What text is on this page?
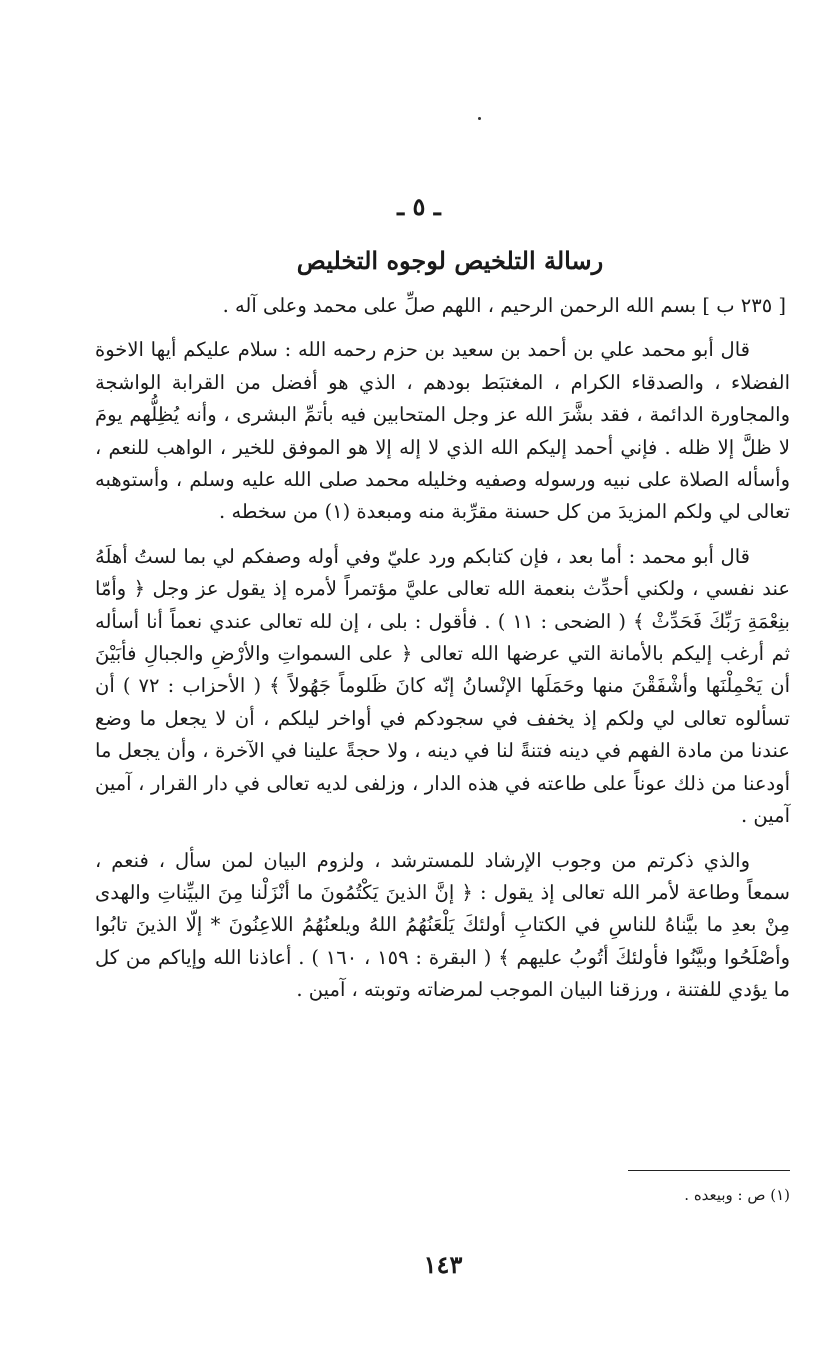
ـ ٥ ـ
رسالة التلخيص لوجوه التخليص

[ ٢٣٥ ب ] بسم الله الرحمن الرحيم ، اللهم صلِّ على محمد وعلى آله .

قال أبو محمد علي بن أحمد بن سعيد بن حزم رحمه الله : سلام عليكم أيها الاخوة الفضلاء ، والصدقاء الكرام ، المغتبَط بودهم ، الذي هو أفضل من القرابة الواشجة والمجاورة الدائمة ، فقد بشَّرَ الله عز وجل المتحابين فيه بأتمِّ البشرى ، وأنه يُظِلُّهم يومَ لا ظلَّ إلا ظله . فإني أحمد إليكم الله الذي لا إله إلا هو الموفق للخير ، الواهب للنعم ، وأسأله الصلاة على نبيه ورسوله وصفيه وخليله محمد صلى الله عليه وسلم ، وأستوهبه تعالى لي ولكم المزيدَ من كل حسنة مقرِّبة منه ومبعدة (١) من سخطه .

قال أبو محمد : أما بعد ، فإن كتابكم ورد عليّ وفي أوله وصفكم لي بما لستُ أهلَهُ عند نفسي ، ولكني أحدِّث بنعمة الله تعالى عليَّ مؤتمراً لأمره إذ يقول عز وجل ﴿ وأمّا بنِعْمَةِ رَبِّكَ فَحَدِّثْ ﴾ ( الضحى : ١١ ) . فأقول : بلى ، إن لله تعالى عندي نعماً أنا أسأله ثم أرغب إليكم بالأمانة التي عرضها الله تعالى ﴿ على السمواتِ والأرْضِ والجبالِ فأبَيْنَ أن يَحْمِلْنَها وأشْفَقْنَ منها وحَمَلَها الإنْسانُ إنّه كانَ ظَلوماً جَهُولاً ﴾ ( الأحزاب : ٧٢ ) أن تسألوه تعالى لي ولكم إذ يخفف في سجودكم في أواخر ليلكم ، أن لا يجعل ما وضع عندنا من مادة الفهم في دينه فتنةً لنا في دينه ، ولا حجةً علينا في الآخرة ، وأن يجعل ما أودعنا من ذلك عوناً على طاعته في هذه الدار ، وزلفى لديه تعالى في دار القرار ، آمين آمين .

والذي ذكرتم من وجوب الإرشاد للمسترشد ، ولزوم البيان لمن سأل ، فنعم ، سمعاً وطاعة لأمر الله تعالى إذ يقول : ﴿ إنَّ الذينَ يَكْتُمُونَ ما أنْزَلْنا مِنَ البيِّناتِ والهدى مِنْ بعدِ ما بيَّناهُ للناسِ في الكتابِ أولئكَ يَلْعَنُهُمُ اللهُ ويلعنُهُمُ اللاعِنُونَ * إلّا الذينَ تابُوا وأصْلَحُوا وبيَّنُوا فأولئكَ أتُوبُ عليهم ﴾ ( البقرة : ١٥٩ ، ١٦٠ ) . أعاذنا الله وإياكم من كل ما يؤدي للفتنة ، ورزقنا البيان الموجب لمرضاته وتوبته ، آمين .

(١) ص : وبيعده .
١٤٣
